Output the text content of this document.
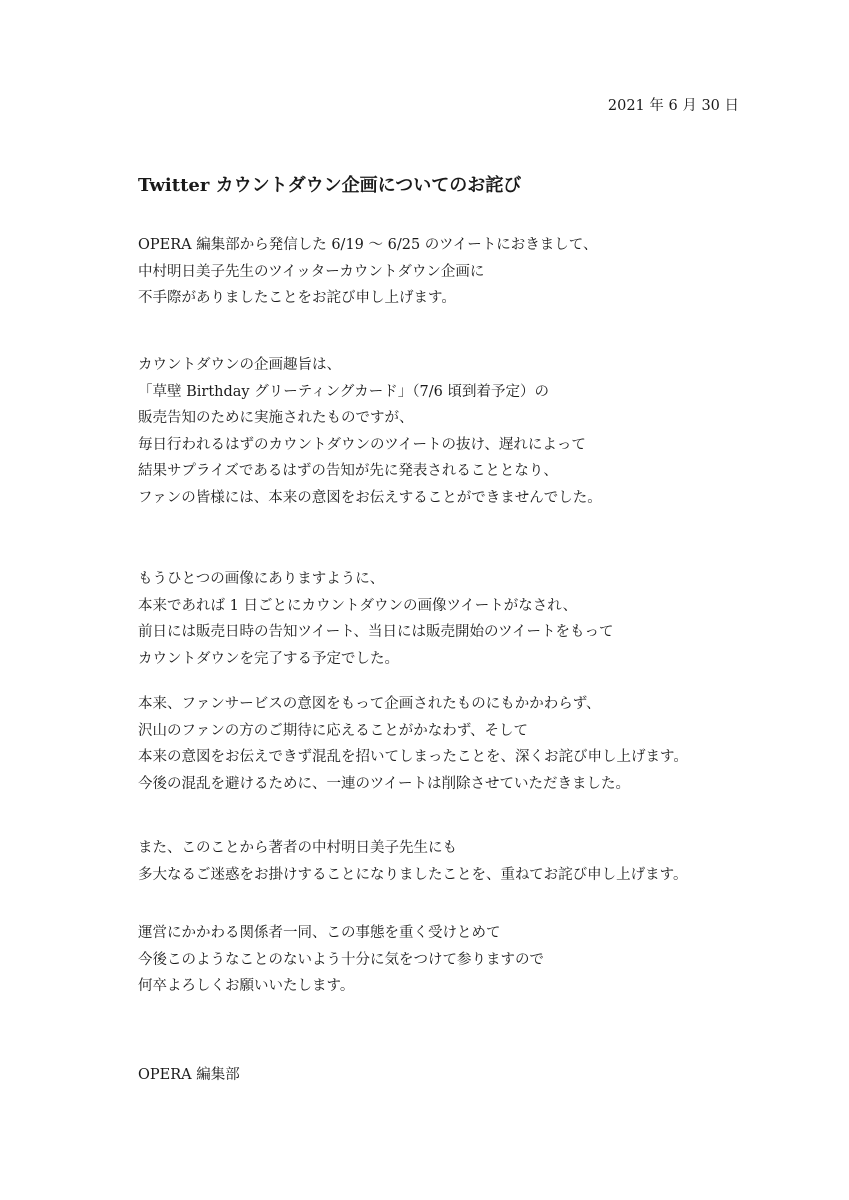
2021 年 6 月 30 日
Twitter カウントダウン企画についてのお詫び

OPERA 編集部から発信した 6/19 〜 6/25 のツイートにおきまして、
中村明日美子先生のツイッターカウントダウン企画に
不手際がありましたことをお詫び申し上げます。

カウントダウンの企画趣旨は、
「草壁 Birthday グリーティングカード」（7/6 頃到着予定）の
販売告知のために実施されたものですが、
毎日行われるはずのカウントダウンのツイートの抜け、遅れによって
結果サプライズであるはずの告知が先に発表されることとなり、
ファンの皆様には、本来の意図をお伝えすることができませんでした。

もうひとつの画像にありますように、
本来であれば 1 日ごとにカウントダウンの画像ツイートがなされ、
前日には販売日時の告知ツイート、当日には販売開始のツイートをもって
カウントダウンを完了する予定でした。

本来、ファンサービスの意図をもって企画されたものにもかかわらず、
沢山のファンの方のご期待に応えることがかなわず、そして
本来の意図をお伝えできず混乱を招いてしまったことを、深くお詫び申し上げます。
今後の混乱を避けるために、一連のツイートは削除させていただきました。

また、このことから著者の中村明日美子先生にも
多大なるご迷惑をお掛けすることになりましたことを、重ねてお詫び申し上げます。

運営にかかわる関係者一同、この事態を重く受けとめて
今後このようなことのないよう十分に気をつけて参りますので
何卒よろしくお願いいたします。

OPERA 編集部
